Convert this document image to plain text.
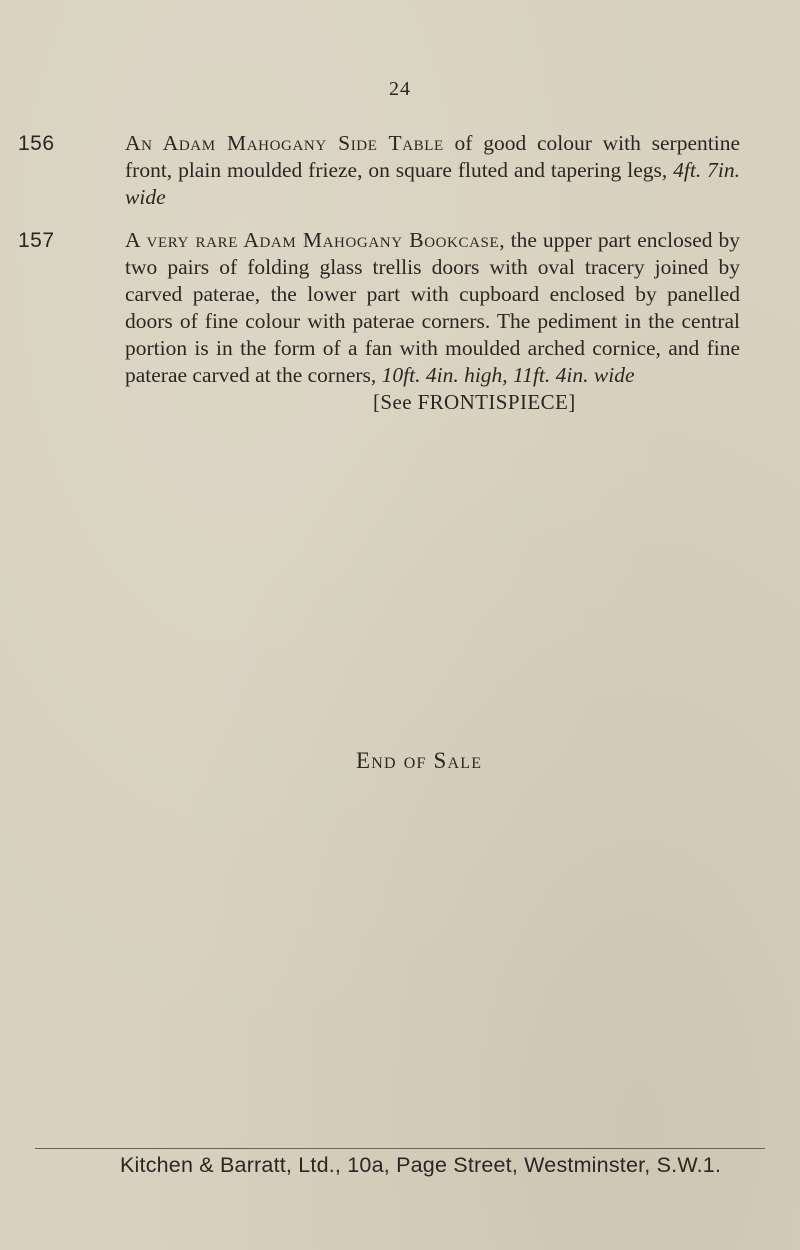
24
156	An Adam Mahogany Side Table of good colour with serpentine front, plain moulded frieze, on square fluted and tapering legs, 4ft. 7in. wide
157	A very rare Adam Mahogany Bookcase, the upper part enclosed by two pairs of folding glass trellis doors with oval tracery joined by carved paterae, the lower part with cupboard enclosed by panelled doors of fine colour with paterae corners. The pediment in the central portion is in the form of a fan with moulded arched cornice, and fine paterae carved at the corners, 10ft. 4in. high, 11ft. 4in. wide
[See FRONTISPIECE]
End of Sale
Kitchen & Barratt, Ltd., 10a, Page Street, Westminster, S.W.1.
